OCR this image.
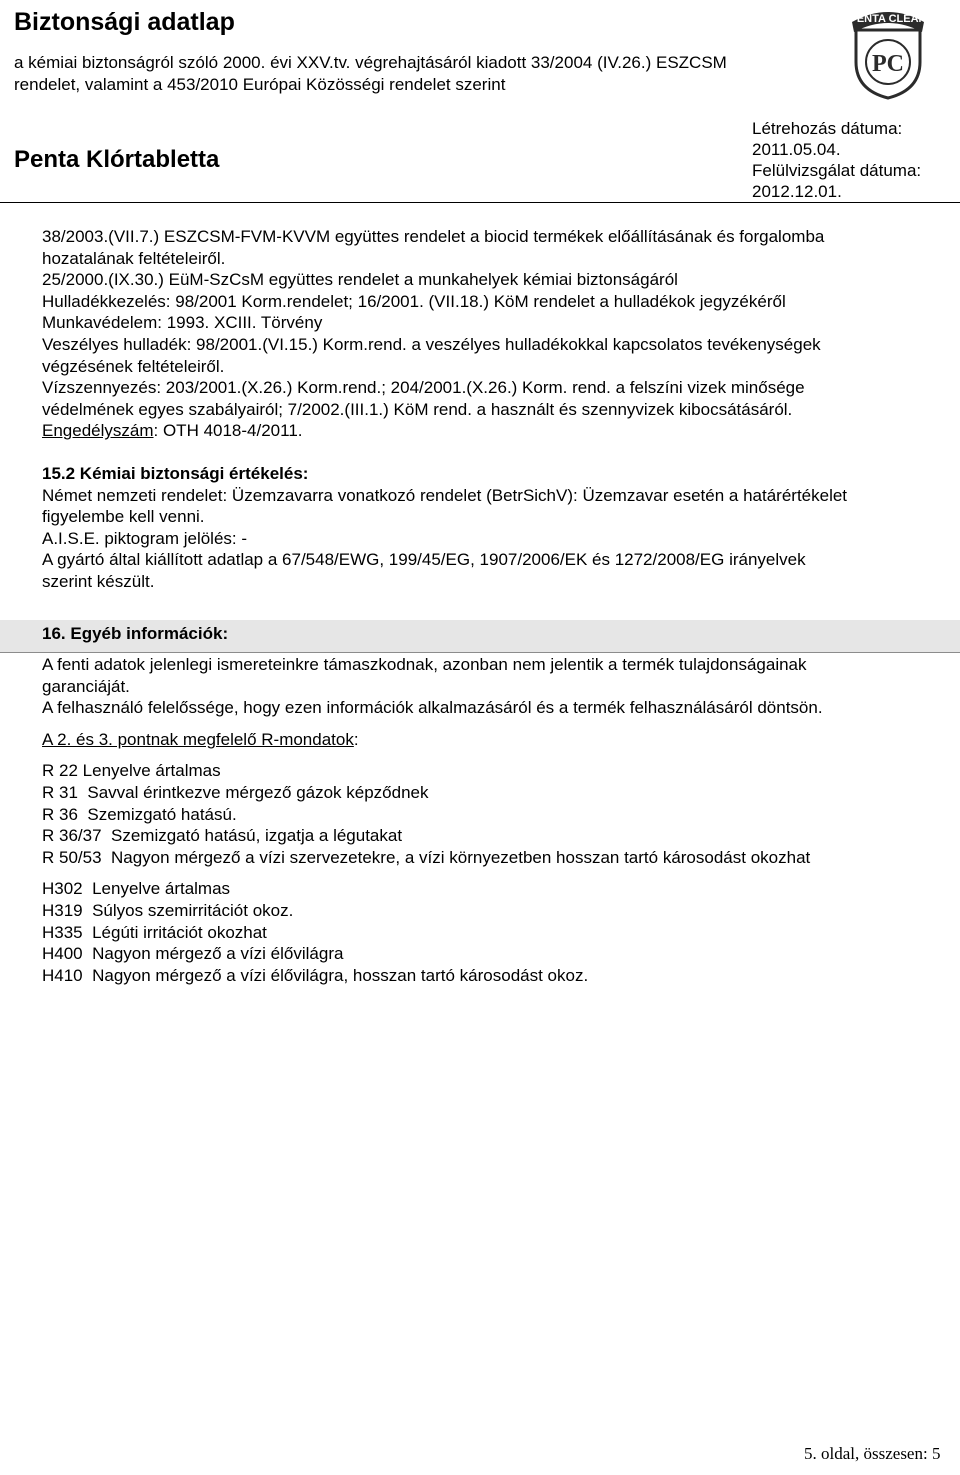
Biztonsági adatlap
a kémiai biztonságról szóló 2000. évi XXV.tv. végrehajtásáról kiadott 33/2004 (IV.26.) ESZCSM
rendelet, valamint a 453/2010 Európai Közösségi rendelet szerint
Penta Klórtabletta
Létrehozás dátuma:
2011.05.04.
Felülvizsgálat dátuma:
2012.12.01.
PENTA CLEAN
PC

38/2003.(VII.7.) ESZCSM-FVM-KVVM együttes rendelet a biocid termékek előállításának és forgalomba

hozatalának feltételeiről.

25/2000.(IX.30.) EüM-SzCsM együttes rendelet a munkahelyek kémiai biztonságáról

Hulladékkezelés: 98/2001 Korm.rendelet; 16/2001. (VII.18.) KöM rendelet a hulladékok jegyzékéről

Munkavédelem: 1993. XCIII. Törvény

Veszélyes hulladék: 98/2001.(VI.15.) Korm.rend. a veszélyes hulladékokkal kapcsolatos tevékenységek

végzésének feltételeiről.

Vízszennyezés: 203/2001.(X.26.) Korm.rend.; 204/2001.(X.26.) Korm. rend. a felszíni vizek minősége

védelmének egyes szabályairól; 7/2002.(III.1.) KöM rend. a használt és szennyvizek kibocsátásáról.

Engedélyszám: OTH 4018-4/2011.

15.2 Kémiai biztonsági értékelés:

Német nemzeti rendelet: Üzemzavarra vonatkozó rendelet (BetrSichV): Üzemzavar esetén a határértékelet

figyelembe kell venni.

A.I.S.E. piktogram jelölés: -

A gyártó által kiállított adatlap a 67/548/EWG, 199/45/EG, 1907/2006/EK és 1272/2008/EG irányelvek

szerint készült.

16. Egyéb információk:

A fenti adatok jelenlegi ismereteinkre támaszkodnak, azonban nem jelentik a termék tulajdonságainak

garanciáját.

A felhasználó felelőssége, hogy ezen információk alkalmazásáról és a termék felhasználásáról döntsön.

A 2. és 3. pontnak megfelelő R-mondatok:

R 22 Lenyelve ártalmas

R 31 Savval érintkezve mérgező gázok képződnek

R 36 Szemizgató hatású.

R 36/37 Szemizgató hatású, izgatja a légutakat

R 50/53 Nagyon mérgező a vízi szervezetekre, a vízi környezetben hosszan tartó károsodást okozhat

H302 Lenyelve ártalmas

H319 Súlyos szemirritációt okoz.

H335 Légúti irritációt okozhat

H400 Nagyon mérgező a vízi élővilágra

H410 Nagyon mérgező a vízi élővilágra, hosszan tartó károsodást okoz.

5. oldal, összesen: 5
